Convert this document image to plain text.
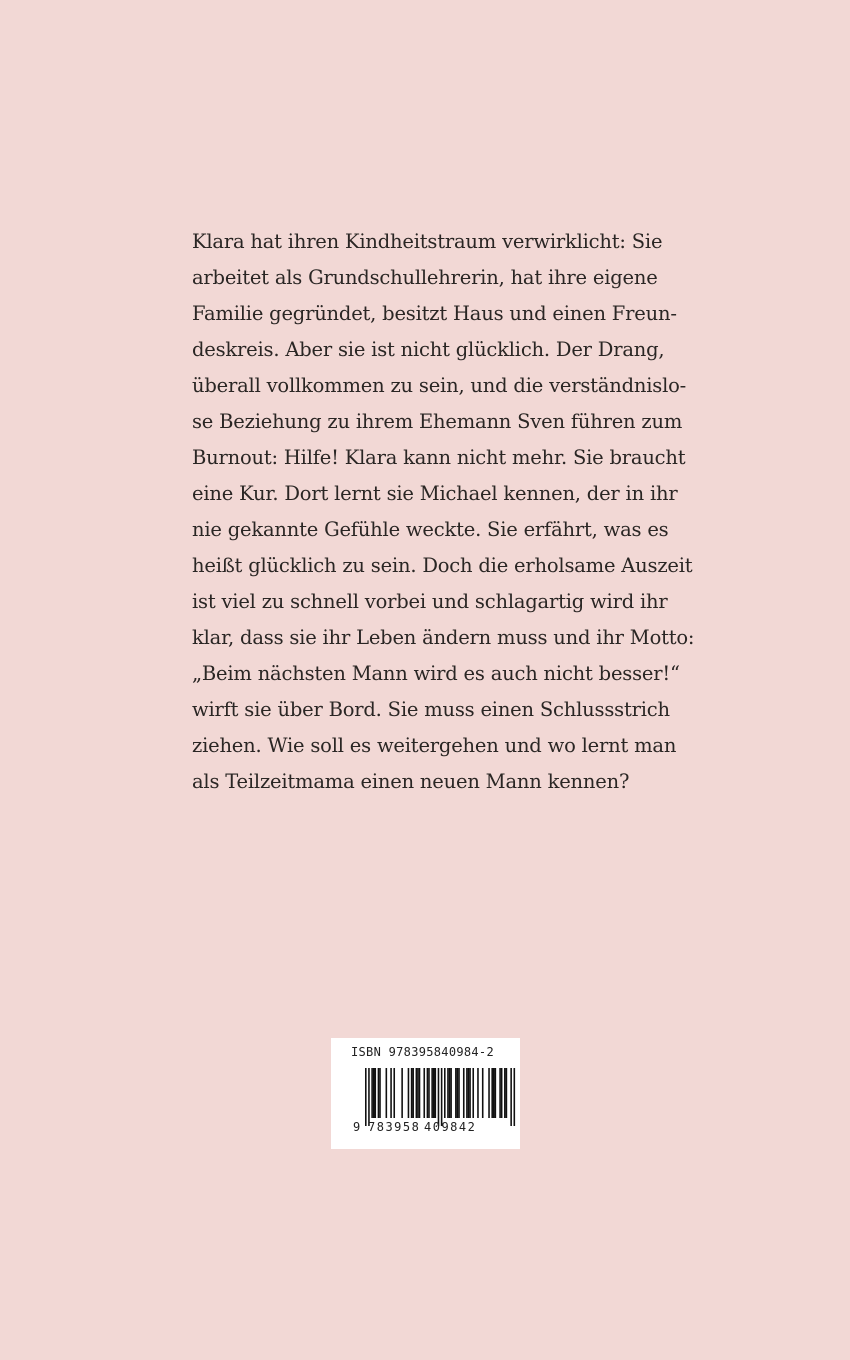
Klara hat ihren Kindheitstraum verwirklicht: Sie
arbeitet als Grundschullehrerin, hat ihre eigene
Familie gegründet, besitzt Haus und einen Freun-
deskreis. Aber sie ist nicht glücklich. Der Drang,
überall vollkommen zu sein, und die verständnislo-
se Beziehung zu ihrem Ehemann Sven führen zum
Burnout: Hilfe! Klara kann nicht mehr. Sie braucht
eine Kur. Dort lernt sie Michael kennen, der in ihr
nie gekannte Gefühle weckte. Sie erfährt, was es
heißt glücklich zu sein. Doch die erholsame Auszeit
ist viel zu schnell vorbei und schlagartig wird ihr
klar, dass sie ihr Leben ändern muss und ihr Motto:
„Beim nächsten Mann wird es auch nicht besser!“
wirft sie über Bord. Sie muss einen Schlussstrich
ziehen. Wie soll es weitergehen und wo lernt man
als Teilzeitmama einen neuen Mann kennen?

ISBN 978395840984-2
9 783958 409842
